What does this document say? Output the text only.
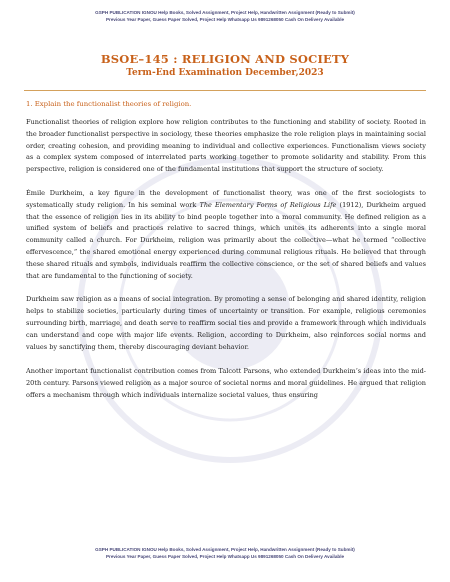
GSPH PUBLICATION IGNOU Help Books, Solved Assignment, Project Help, Handwritten Assignment (Ready to Submit)
Previous Year Paper, Guess Paper Solved, Project Help Whatsapp Us 9891268050 Cash On Delivery Available
BSOE–145 : RELIGION AND SOCIETY
Term-End Examination December,2023
1. Explain the functionalist theories of religion.

Functionalist theories of religion explore how religion contributes to the functioning and stability of society. Rooted in the broader functionalist perspective in sociology, these theories emphasize the role religion plays in maintaining social order, creating cohesion, and providing meaning to individual and collective experiences. Functionalism views society as a complex system composed of interrelated parts working together to promote solidarity and stability. From this perspective, religion is considered one of the fundamental institutions that support the structure of society.

Émile Durkheim, a key figure in the development of functionalist theory, was one of the first sociologists to systematically study religion. In his seminal work The Elementary Forms of Religious Life (1912), Durkheim argued that the essence of religion lies in its ability to bind people together into a moral community. He defined religion as a unified system of beliefs and practices relative to sacred things, which unites its adherents into a single moral community called a church. For Durkheim, religion was primarily about the collective—what he termed “collective effervescence,” the shared emotional energy experienced during communal religious rituals. He believed that through these shared rituals and symbols, individuals reaffirm the collective conscience, or the set of shared beliefs and values that are fundamental to the functioning of society.

Durkheim saw religion as a means of social integration. By promoting a sense of belonging and shared identity, religion helps to stabilize societies, particularly during times of uncertainty or transition. For example, religious ceremonies surrounding birth, marriage, and death serve to reaffirm social ties and provide a framework through which individuals can understand and cope with major life events. Religion, according to Durkheim, also reinforces social norms and values by sanctifying them, thereby discouraging deviant behavior.

Another important functionalist contribution comes from Talcott Parsons, who extended Durkheim’s ideas into the mid-20th century. Parsons viewed religion as a major source of societal norms and moral guidelines. He argued that religion offers a mechanism through which individuals internalize societal values, thus ensuring

GSPH PUBLICATION IGNOU Help Books, Solved Assignment, Project Help, Handwritten Assignment (Ready to Submit)
Previous Year Paper, Guess Paper Solved, Project Help Whatsapp Us 9891268050 Cash On Delivery Available
